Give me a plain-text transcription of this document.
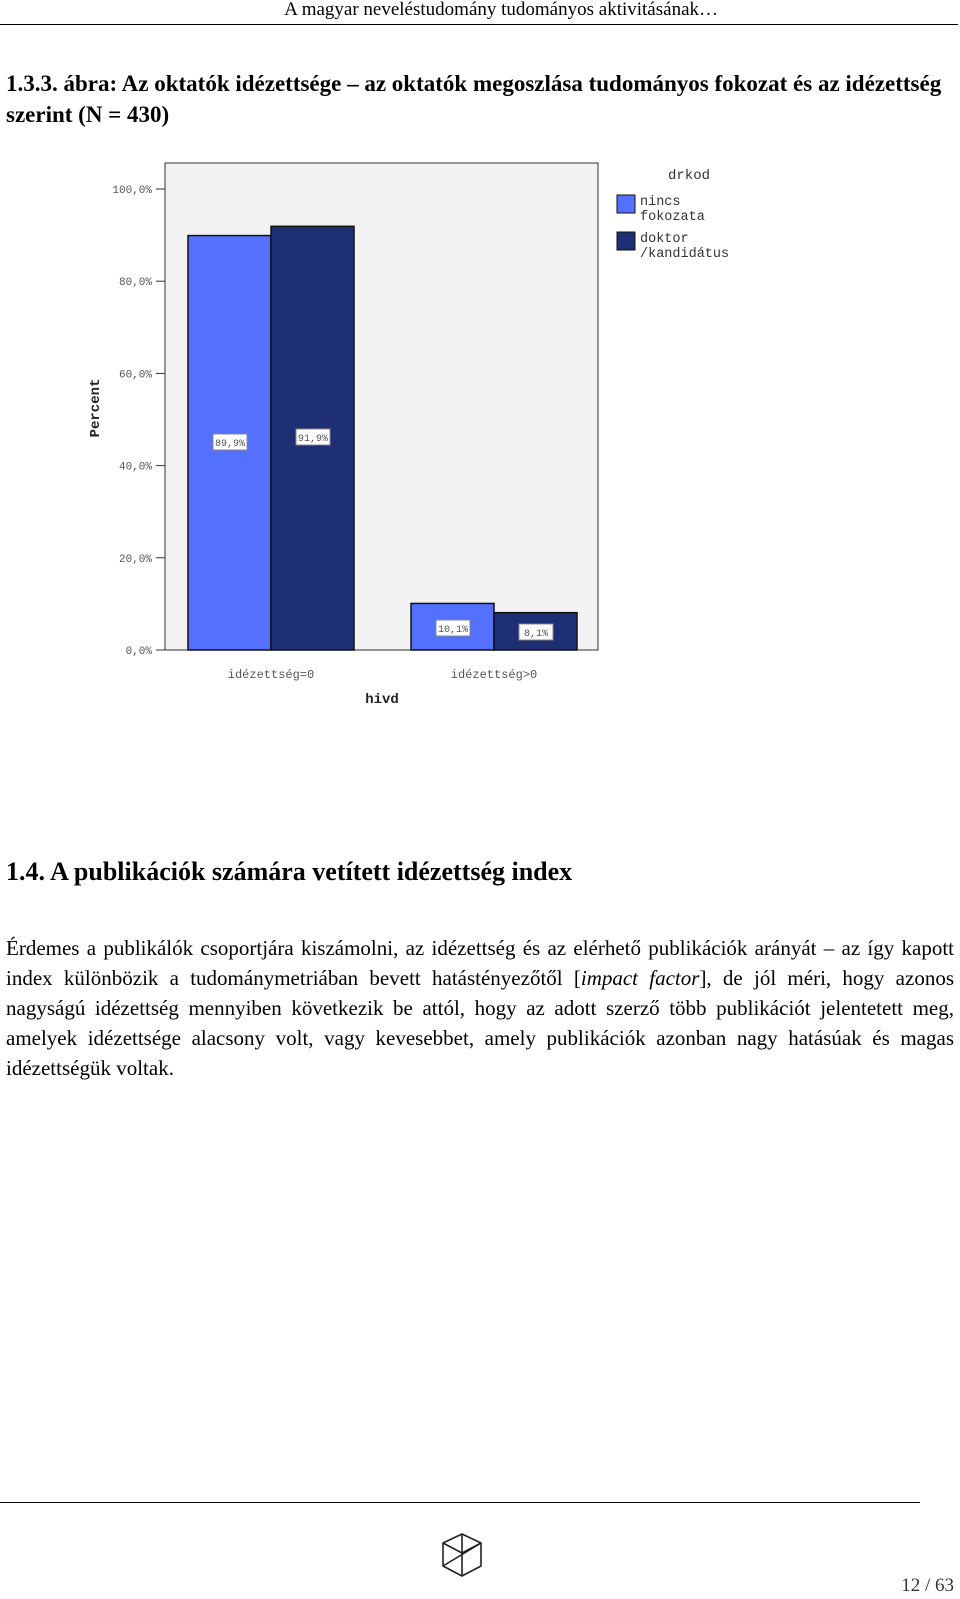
A magyar neveléstudomány tudományos aktivitásának…
1.3.3. ábra: Az oktatók idézettsége – az oktatók megoszlása tudományos fokozat és az idézettség szerint (N = 430)
0,0%
20,0%
40,0%
60,0%
80,0%
100,0%
Percent
89,9%	91,9%
idézettség=0
10,1%	8,1%
idézettség>0
hivd
drkod
nincs
fokozata
doktor
/kandidátus
1.4. A publikációk számára vetített idézettség index

Érdemes a publikálók csoportjára kiszámolni, az idézettség és az elérhető publikációk arányát – az így kapott index különbözik a tudománymetriában bevett hatástényezőtől [impact factor], de jól méri, hogy azonos nagyságú idézettség mennyiben következik be attól, hogy az adott szerző több publikációt jelentetett meg, amelyek idézettsége alacsony volt, vagy kevesebbet, amely publikációk azonban nagy hatásúak és magas idézettségük voltak.

12 / 63
